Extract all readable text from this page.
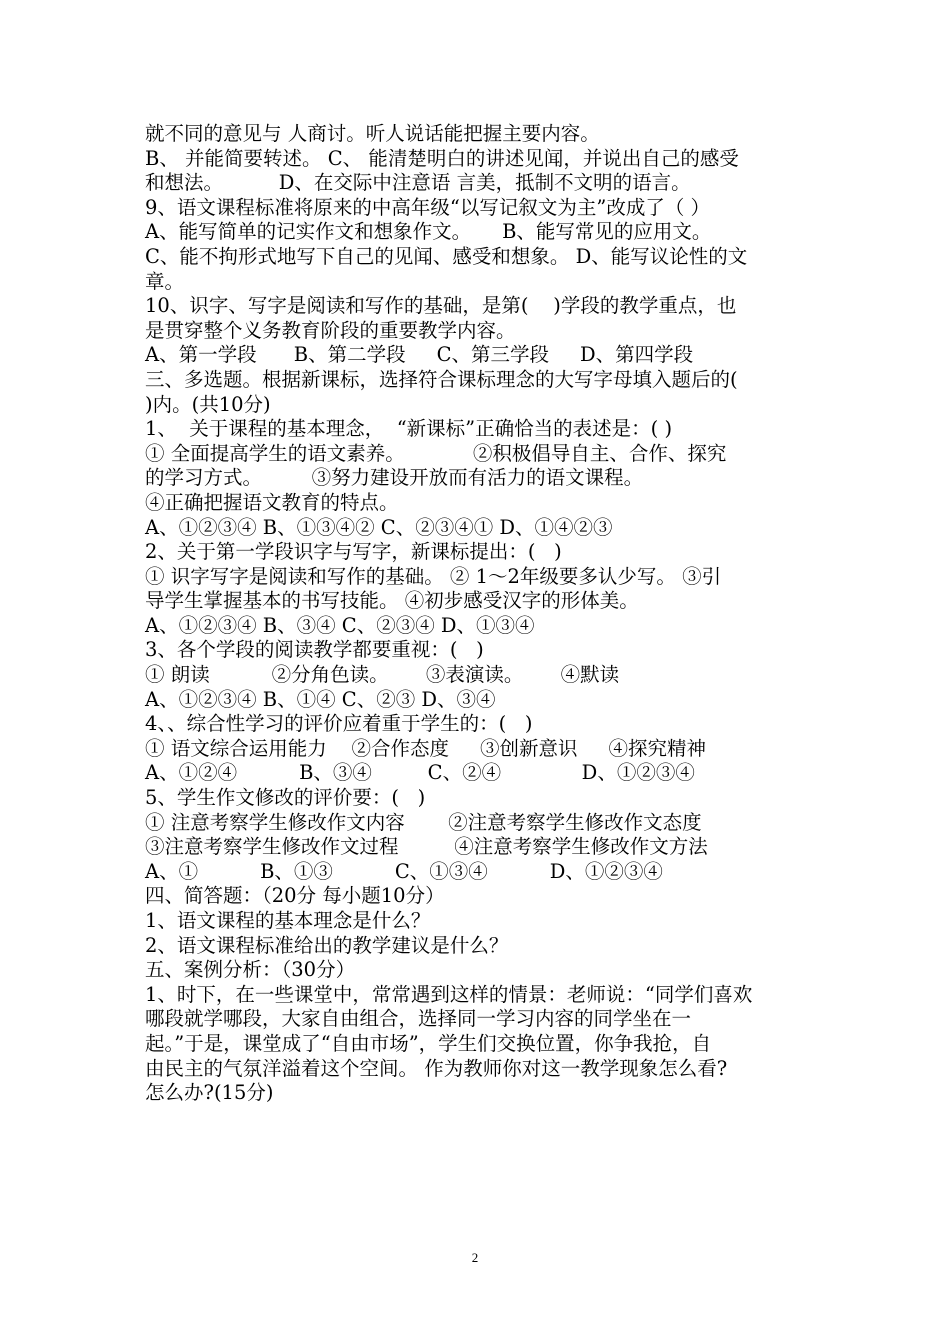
就不同的意见与 人商讨。听人说话能把握主要内容。
B、 并能简要转述。 C、 能清楚明白的讲述见闻，并说出自己的感受
和想法。         D、在交际中注意语 言美，抵制不文明的语言。
9、语文课程标准将原来的中高年级“以写记叙文为主”改成了（ ）
A、能写简单的记实作文和想象作文。     B、能写常见的应用文。
C、能不拘形式地写下自己的见闻、感受和想象。 D、能写议论性的文
章。
10、识字、写字是阅读和写作的基础，是第(    )学段的教学重点，也
是贯穿整个义务教育阶段的重要教学内容。
A、第一学段      B、第二学段     C、第三学段     D、第四学段
三、多选题。根据新课标，选择符合课标理念的大写字母填入题后的(
)内。(共10分)
1、  关于课程的基本理念，  “新课标”正确恰当的表述是：( )
① 全面提高学生的语文素养。           ②积极倡导自主、合作、探究
的学习方式。        ③努力建设开放而有活力的语文课程。
④正确把握语文教育的特点。
A、①②③④ B、①③④② C、②③④① D、①④②③
2、关于第一学段识字与写字，新课标提出：(   )
① 识字写字是阅读和写作的基础。 ② 1～2年级要多认少写。 ③引
导学生掌握基本的书写技能。 ④初步感受汉字的形体美。
A、①②③④ B、③④ C、②③④ D、①③④
3、各个学段的阅读教学都要重视：(   )
① 朗读          ②分角色读。      ③表演读。      ④默读
A、①②③④ B、①④ C、②③ D、③④
4、、综合性学习的评价应着重于学生的：(   )
① 语文综合运用能力    ②合作态度     ③创新意识     ④探究精神
A、①②④          B、③④         C、②④             D、①②③④
5、学生作文修改的评价要：(   )
① 注意考察学生修改作文内容       ②注意考察学生修改作文态度
③注意考察学生修改作文过程         ④注意考察学生修改作文方法
A、①          B、①③          C、①③④          D、①②③④
四、简答题：（20分 每小题10分）
1、语文课程的基本理念是什么？
2、语文课程标准给出的教学建议是什么？
五、案例分析：（30分）
1、时下，在一些课堂中，常常遇到这样的情景：老师说：“同学们喜欢
哪段就学哪段，大家自由组合，选择同一学习内容的同学坐在一
起。”于是，课堂成了“自由市场”，学生们交换位置，你争我抢，自
由民主的气氛洋溢着这个空间。 作为教师你对这一教学现象怎么看?
怎么办?(15分)
2
